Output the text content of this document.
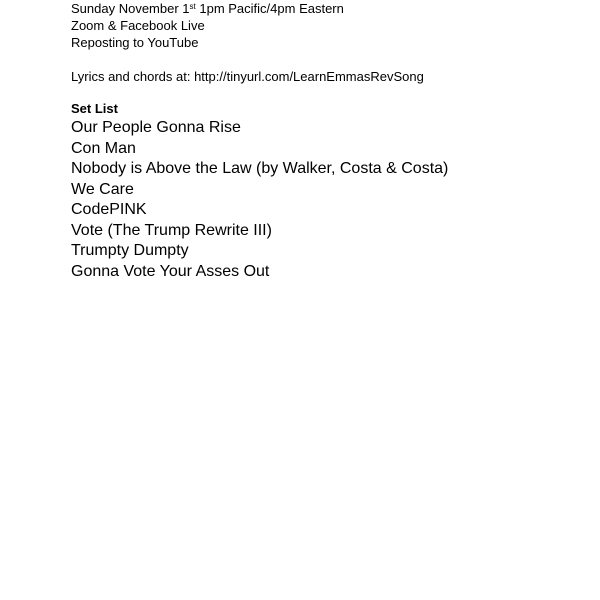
Sunday November 1st 1pm Pacific/4pm Eastern
Zoom & Facebook Live
Reposting to YouTube
Lyrics and chords at: http://tinyurl.com/LearnEmmasRevSong
Set List
Our People Gonna Rise
Con Man
Nobody is Above the Law (by Walker, Costa & Costa)
We Care
CodePINK
Vote (The Trump Rewrite III)
Trumpty Dumpty
Gonna Vote Your Asses Out
